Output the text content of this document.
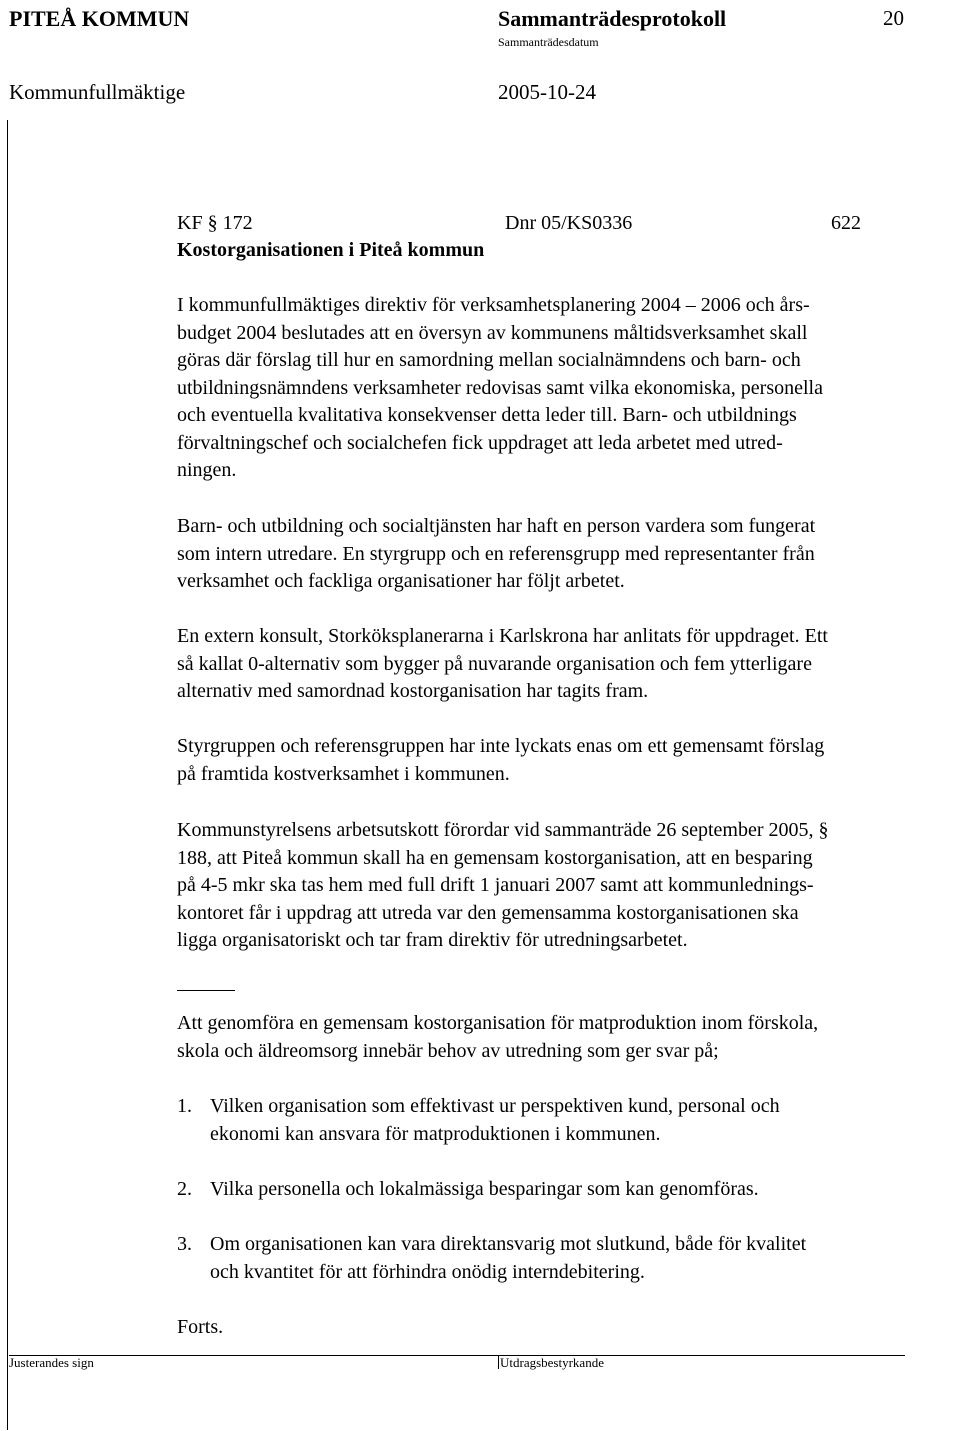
PITEÅ KOMMUN	Sammanträdesprotokoll	20
Sammanträdesdatum
Kommunfullmäktige	2005-10-24
KF § 172	Dnr 05/KS0336	622
Kostorganisationen i Piteå kommun
I kommunfullmäktiges direktiv för verksamhetsplanering 2004 – 2006 och års-
budget 2004 beslutades att en översyn av kommunens måltidsverksamhet skall
göras där förslag till hur en samordning mellan socialnämndens och barn- och
utbildningsnämndens verksamheter redovisas samt vilka ekonomiska, personella
och eventuella kvalitativa konsekvenser detta leder till. Barn- och utbildnings
förvaltningschef och socialchefen fick uppdraget att leda arbetet med utred-
ningen.
Barn- och utbildning och socialtjänsten har haft en person vardera som fungerat
som intern utredare. En styrgrupp och en referensgrupp med representanter från
verksamhet och fackliga organisationer har följt arbetet.
En extern konsult, Storköksplanerarna i Karlskrona har anlitats för uppdraget. Ett
så kallat 0-alternativ som bygger på nuvarande organisation och fem ytterligare
alternativ med samordnad kostorganisation har tagits fram.
Styrgruppen och referensgruppen har inte lyckats enas om ett gemensamt förslag
på framtida kostverksamhet i kommunen.
Kommunstyrelsens arbetsutskott förordar vid sammanträde 26 september 2005, §
188, att Piteå kommun skall ha en gemensam kostorganisation, att en besparing
på 4-5 mkr ska tas hem med full drift 1 januari 2007 samt att kommunlednings-
kontoret får i uppdrag att utreda var den gemensamma kostorganisationen ska
ligga organisatoriskt och tar fram direktiv för utredningsarbetet.
Att genomföra en gemensam kostorganisation för matproduktion inom förskola,
skola och äldreomsorg innebär behov av utredning som ger svar på;
1. Vilken organisation som effektivast ur perspektiven kund, personal och
ekonomi kan ansvara för matproduktionen i kommunen.
2. Vilka personella och lokalmässiga besparingar som kan genomföras.
3. Om organisationen kan vara direktansvarig mot slutkund, både för kvalitet
och kvantitet för att förhindra onödig interndebitering.
Forts.
Justerandes sign	Utdragsbestyrkande
